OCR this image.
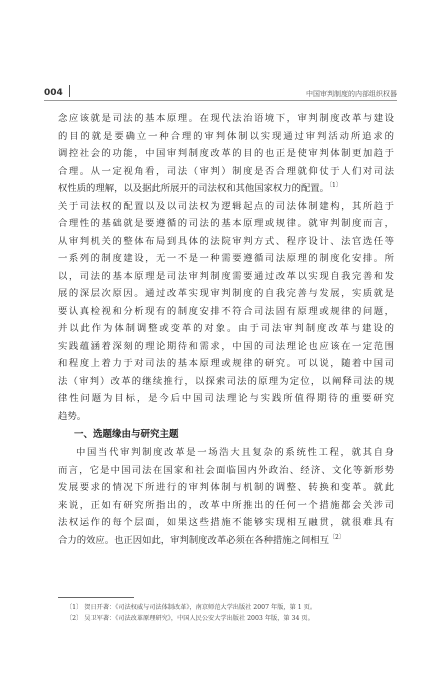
004	中国审判制度的内部组织权器
念应该就是司法的基本原理。在现代法治语境下，审判制度改革与建设
的目的就是要确立一种合理的审判体制以实现通过审判活动所追求的
调控社会的功能，中国审判制度改革的目的也正是使审判体制更加趋于
合理。从一定视角看，司法（审判）制度是否合理就仰仗于人们对司法
权性质的理解，以及据此所展开的司法权和其他国家权力的配置。$^{〔1〕}$
关于司法权的配置以及以司法权为逻辑起点的司法体制建构，其所趋于
合理性的基础就是要遵循的司法的基本原理或规律。就审判制度而言，
从审判机关的整体布局到具体的法院审判方式、程序设计、法官选任等
一系列的制度建设，无一不是一种需要遵循司法原理的制度化安排。所
以，司法的基本原理是司法审判制度需要通过改革以实现自我完善和发
展的深层次原因。通过改革实现审判制度的自我完善与发展，实质就是
要认真检视和分析现有的制度安排不符合司法固有原理或规律的问题，
并以此作为体制调整或变革的对象。由于司法审判制度改革与建设的
实践蕴涵着深刻的理论期待和需求，中国的司法理论也应该在一定范围
和程度上着力于对司法的基本原理或规律的研究。可以说，随着中国司
法（审判）改革的继续推行，以探索司法的原理为定位，以阐释司法的规
律性问题为目标，是今后中国司法理论与实践所值得期待的重要研究
趋势。
一、选题缘由与研究主题
中国当代审判制度改革是一场浩大且复杂的系统性工程，就其自身
而言，它是中国司法在国家和社会面临国内外政治、经济、文化等新形势
发展要求的情况下所进行的审判体制与机制的调整、转换和变革。就此
来说，正如有研究所指出的，改革中所推出的任何一个措施都会关涉司
法权运作的每个层面，如果这些措施不能够实现相互融贯，就很难具有
合力的效应。也正因如此，审判制度改革必须在各种措施之间相互$^{〔2〕}$
〔1〕 贺日开著：《司法权威与司法体制改革》，南京师范大学出版社 2007 年版，第 1 页。
〔2〕 吴卫军著：《司法改革原理研究》，中国人民公安大学出版社 2003 年版，第 34 页。
